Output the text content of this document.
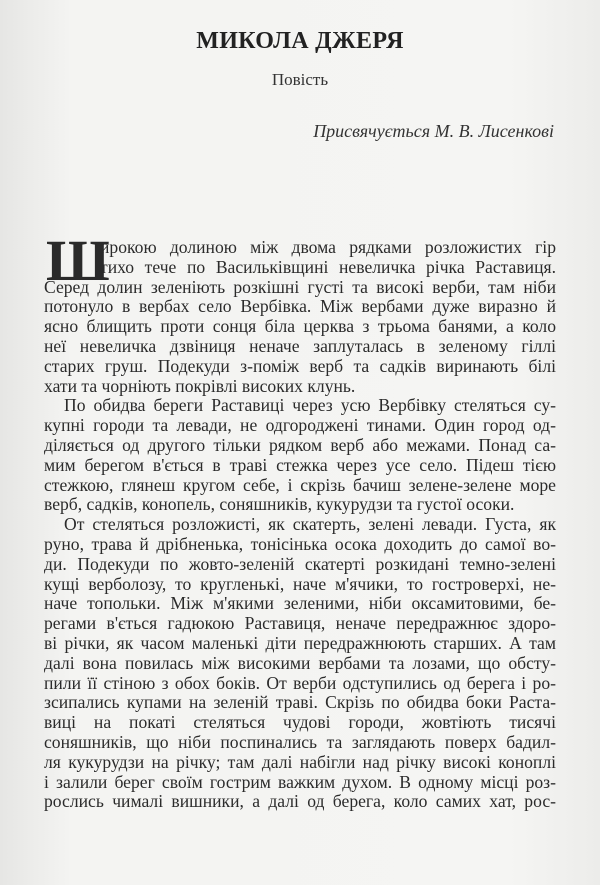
МИКОЛА ДЖЕРЯ
Повість
Присвячується М. В. Лисенкові
Ш
ирокою долиною між двома рядками розложистих гір
тихо тече по Васильківщині невеличка річка Раставиця.
Серед долин зеленіють розкішні густі та високі верби, там ніби
потонуло в вербах село Вербівка. Між вербами дуже виразно й
ясно блищить проти сонця біла церква з трьома банями, а коло
неї невеличка дзвіниця неначе заплуталась в зеленому гіллі
старих груш. Подекуди з-поміж верб та садків виринають білі
хати та чорніють покрівлі високих клунь.
По обидва береги Раставиці через усю Вербівку стеляться су-
купні городи та левади, не одгороджені тинами. Один город од-
діляється од другого тільки рядком верб або межами. Понад са-
мим берегом в'ється в траві стежка через усе село. Підеш тією
стежкою, глянеш кругом себе, і скрізь бачиш зелене-зелене море
верб, садків, конопель, соняшників, кукурудзи та густої осоки.
От стеляться розложисті, як скатерть, зелені левади. Густа, як
руно, трава й дрібненька, тонісінька осока доходить до самої во-
ди. Подекуди по жовто-зеленій скатерті розкидані темно-зелені
кущі верболозу, то кругленькі, наче м'ячики, то гостроверхі, не-
наче топольки. Між м'якими зеленими, ніби оксамитовими, бе-
регами в'ється гадюкою Раставиця, неначе передражнює здоро-
ві річки, як часом маленькі діти передражнюють старших. А там
далі вона повилась між високими вербами та лозами, що обсту-
пили її стіною з обох боків. От верби одступились од берега і ро-
зсипались купами на зеленій траві. Скрізь по обидва боки Раста-
виці на покаті стеляться чудові городи, жовтіють тисячі
соняшників, що ніби поспинались та заглядають поверх бадил-
ля кукурудзи на річку; там далі набігли над річку високі коноплі
і залили берег своїм гострим важким духом. В одному місці роз-
рослись чималі вишники, а далі од берега, коло самих хат, рос-
